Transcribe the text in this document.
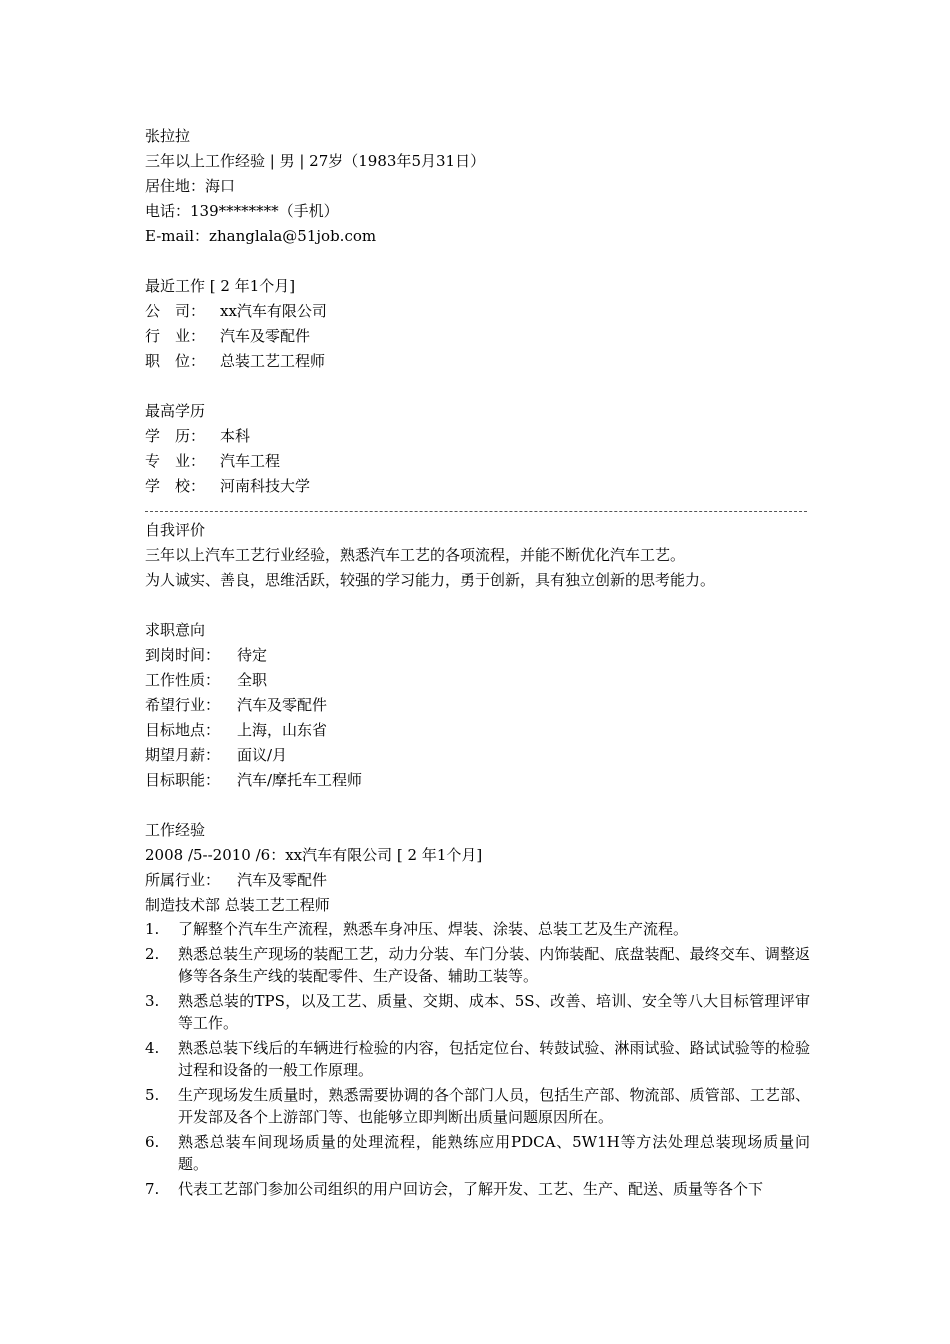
张拉拉
三年以上工作经验 | 男 | 27岁（1983年5月31日）
居住地：海口
电话：139********（手机）
E-mail：zhanglala@51job.com
最近工作 [ 2 年1个月]
公　司： xx汽车有限公司
行　业： 汽车及零配件
职　位： 总装工艺工程师
最高学历
学　历： 本科
专　业： 汽车工程
学　校： 河南科技大学
自我评价
三年以上汽车工艺行业经验，熟悉汽车工艺的各项流程，并能不断优化汽车工艺。
为人诚实、善良，思维活跃，较强的学习能力，勇于创新，具有独立创新的思考能力。
求职意向
到岗时间： 待定
工作性质： 全职
希望行业： 汽车及零配件
目标地点： 上海，山东省
期望月薪： 面议/月
目标职能： 汽车/摩托车工程师
工作经验
2008 /5--2010 /6：xx汽车有限公司 [ 2 年1个月]
所属行业： 汽车及零配件
制造技术部 总装工艺工程师
1. 了解整个汽车生产流程，熟悉车身冲压、焊装、涂装、总装工艺及生产流程。
2. 熟悉总装生产现场的装配工艺，动力分装、车门分装、内饰装配、底盘装配、最终交车、调整返修等各条生产线的装配零件、生产设备、辅助工装等。
3. 熟悉总装的TPS，以及工艺、质量、交期、成本、5S、改善、培训、安全等八大目标管理评审等工作。
4. 熟悉总装下线后的车辆进行检验的内容，包括定位台、转鼓试验、淋雨试验、路试试验等的检验过程和设备的一般工作原理。
5. 生产现场发生质量时，熟悉需要协调的各个部门人员，包括生产部、物流部、质管部、工艺部、开发部及各个上游部门等、也能够立即判断出质量问题原因所在。
6. 熟悉总装车间现场质量的处理流程，能熟练应用PDCA、5W1H等方法处理总装现场质量问题。
7. 代表工艺部门参加公司组织的用户回访会，了解开发、工艺、生产、配送、质量等各个下
